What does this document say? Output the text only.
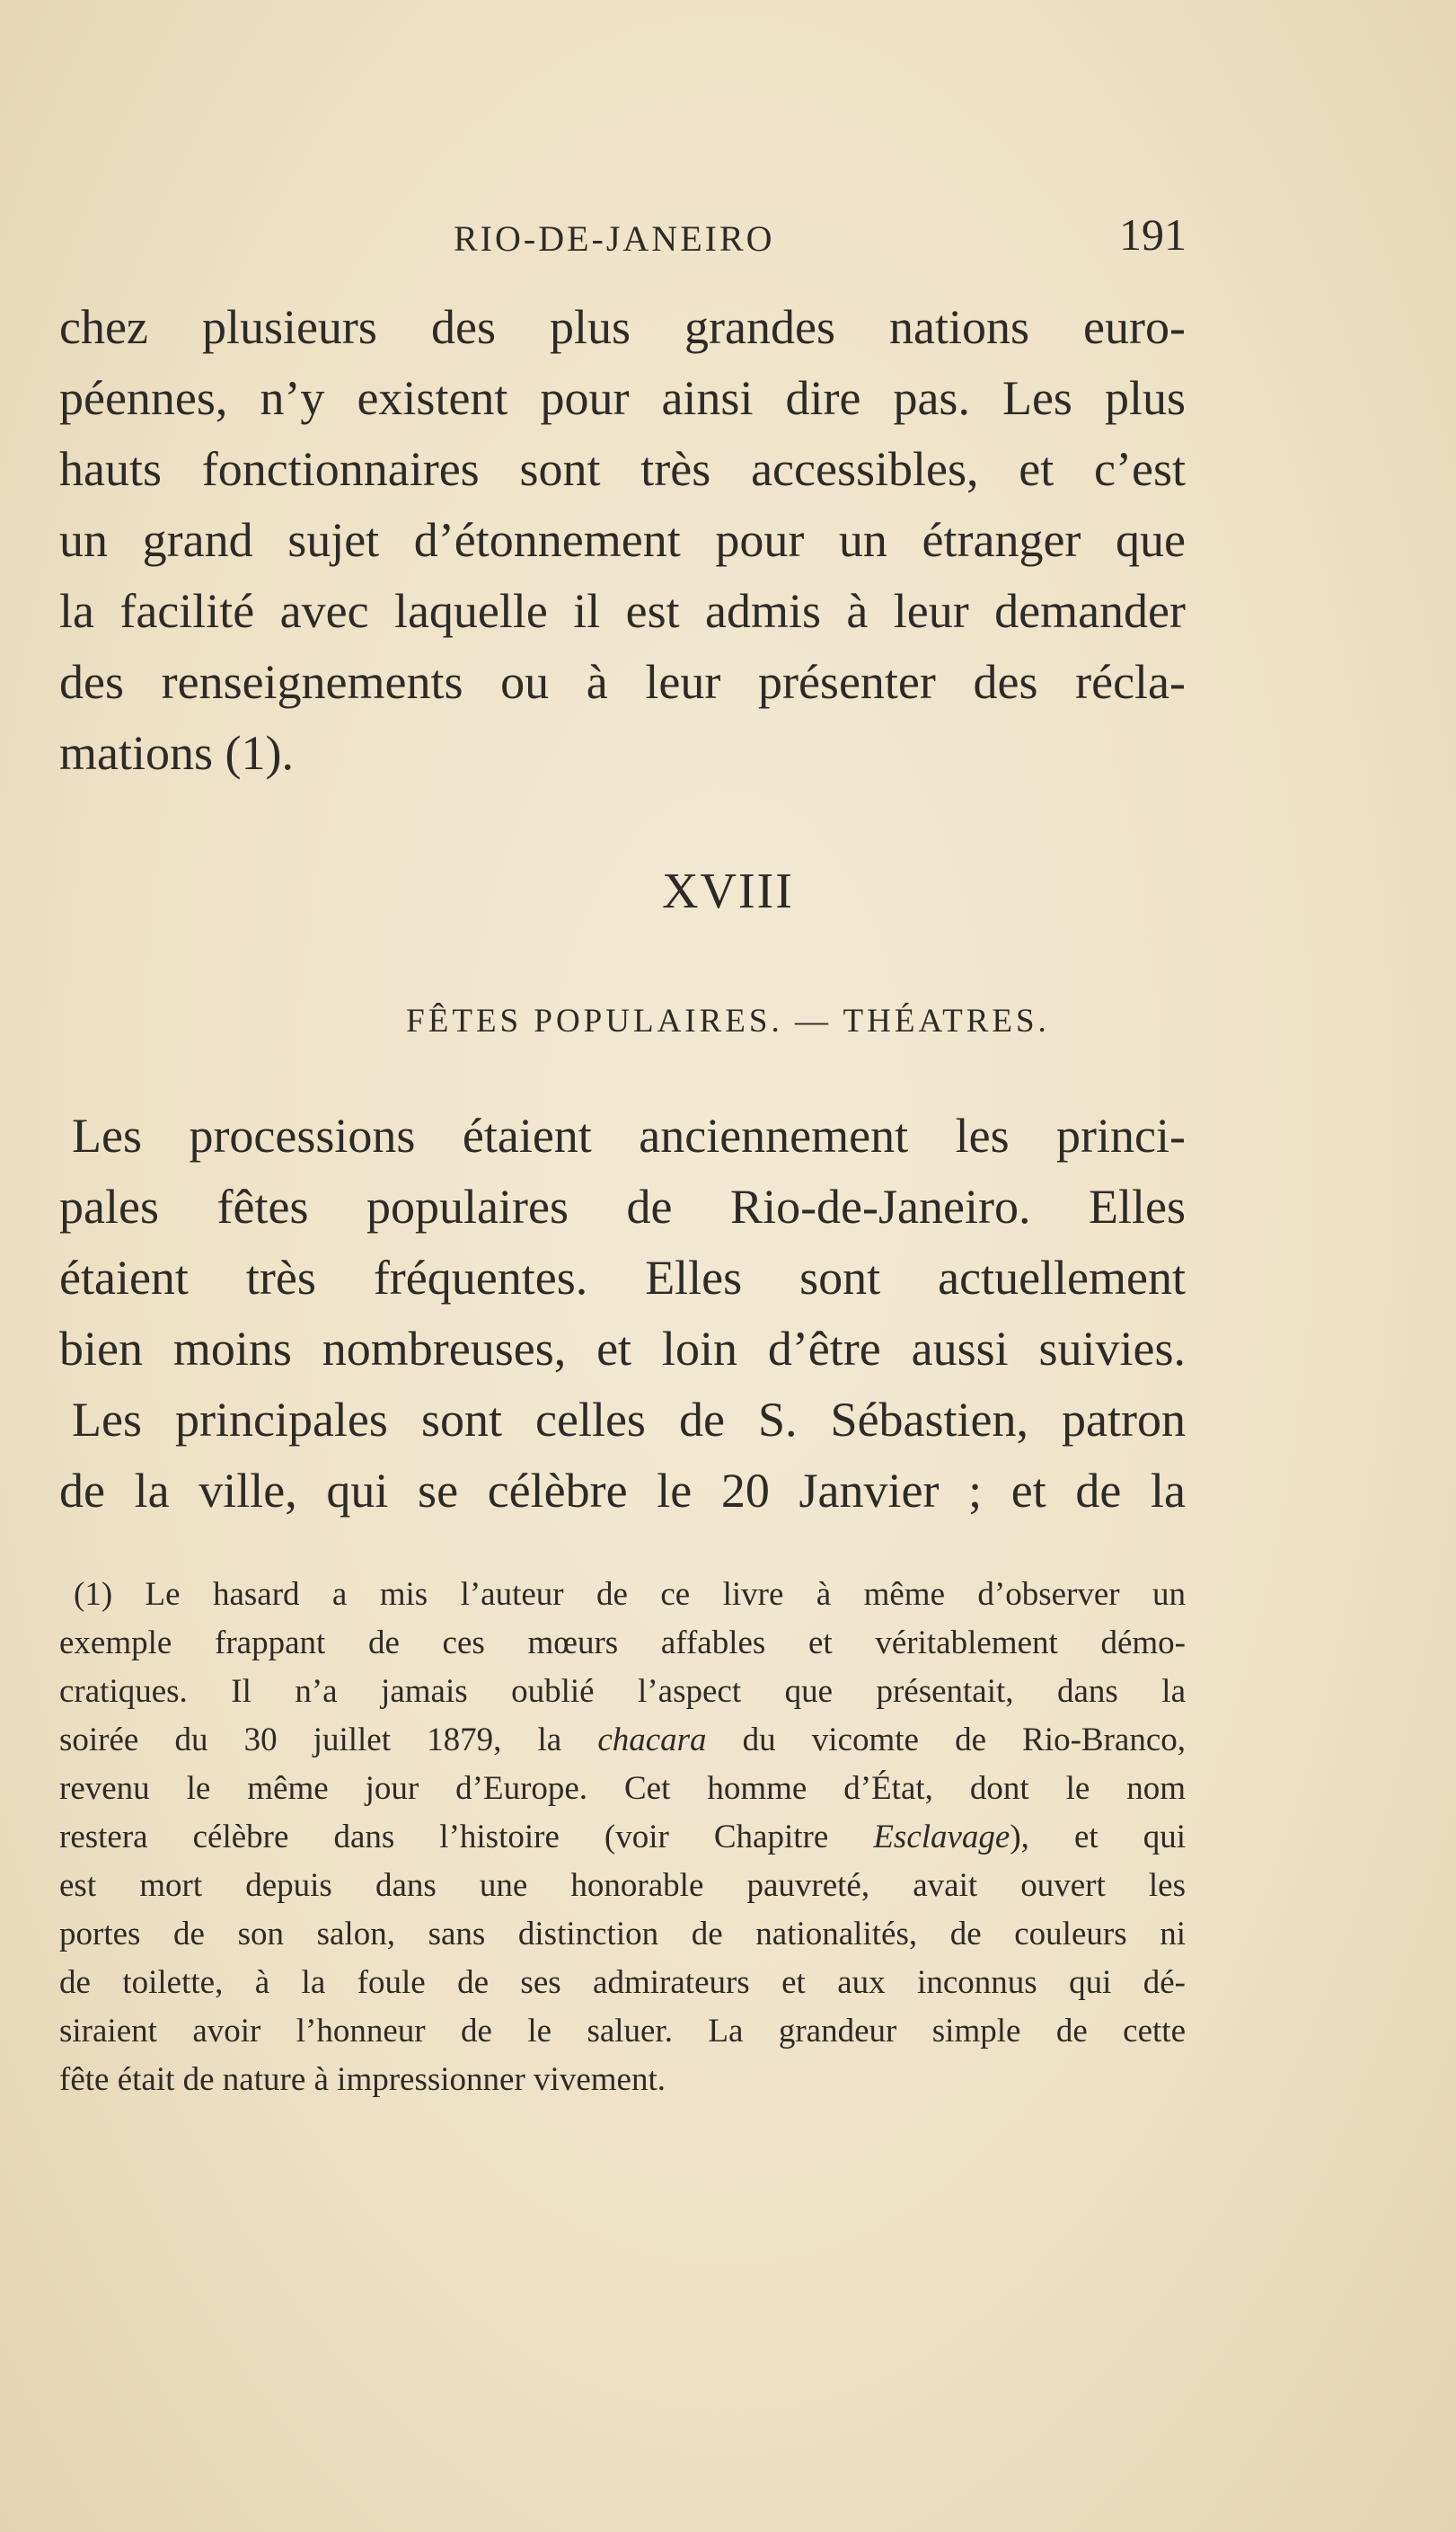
RIO-DE-JANEIRO	191
chez plusieurs des plus grandes nations euro-
péennes, n’y existent pour ainsi dire pas. Les plus
hauts fonctionnaires sont très accessibles, et c’est
un grand sujet d’étonnement pour un étranger que
la facilité avec laquelle il est admis à leur demander
des renseignements ou à leur présenter des récla-
mations (1).
XVIII
FÊTES POPULAIRES. — THÉATRES.
Les processions étaient anciennement les princi-
pales fêtes populaires de Rio-de-Janeiro. Elles
étaient très fréquentes. Elles sont actuellement
bien moins nombreuses, et loin d’être aussi suivies.
Les principales sont celles de S. Sébastien, patron
de la ville, qui se célèbre le 20 Janvier ; et de la
(1) Le hasard a mis l’auteur de ce livre à même d’observer un
exemple frappant de ces mœurs affables et véritablement démo-
cratiques. Il n’a jamais oublié l’aspect que présentait, dans la
soirée du 30 juillet 1879, la chacara du vicomte de Rio-Branco,
revenu le même jour d’Europe. Cet homme d’État, dont le nom
restera célèbre dans l’histoire (voir Chapitre Esclavage), et qui
est mort depuis dans une honorable pauvreté, avait ouvert les
portes de son salon, sans distinction de nationalités, de couleurs ni
de toilette, à la foule de ses admirateurs et aux inconnus qui dé-
siraient avoir l’honneur de le saluer. La grandeur simple de cette
fête était de nature à impressionner vivement.
